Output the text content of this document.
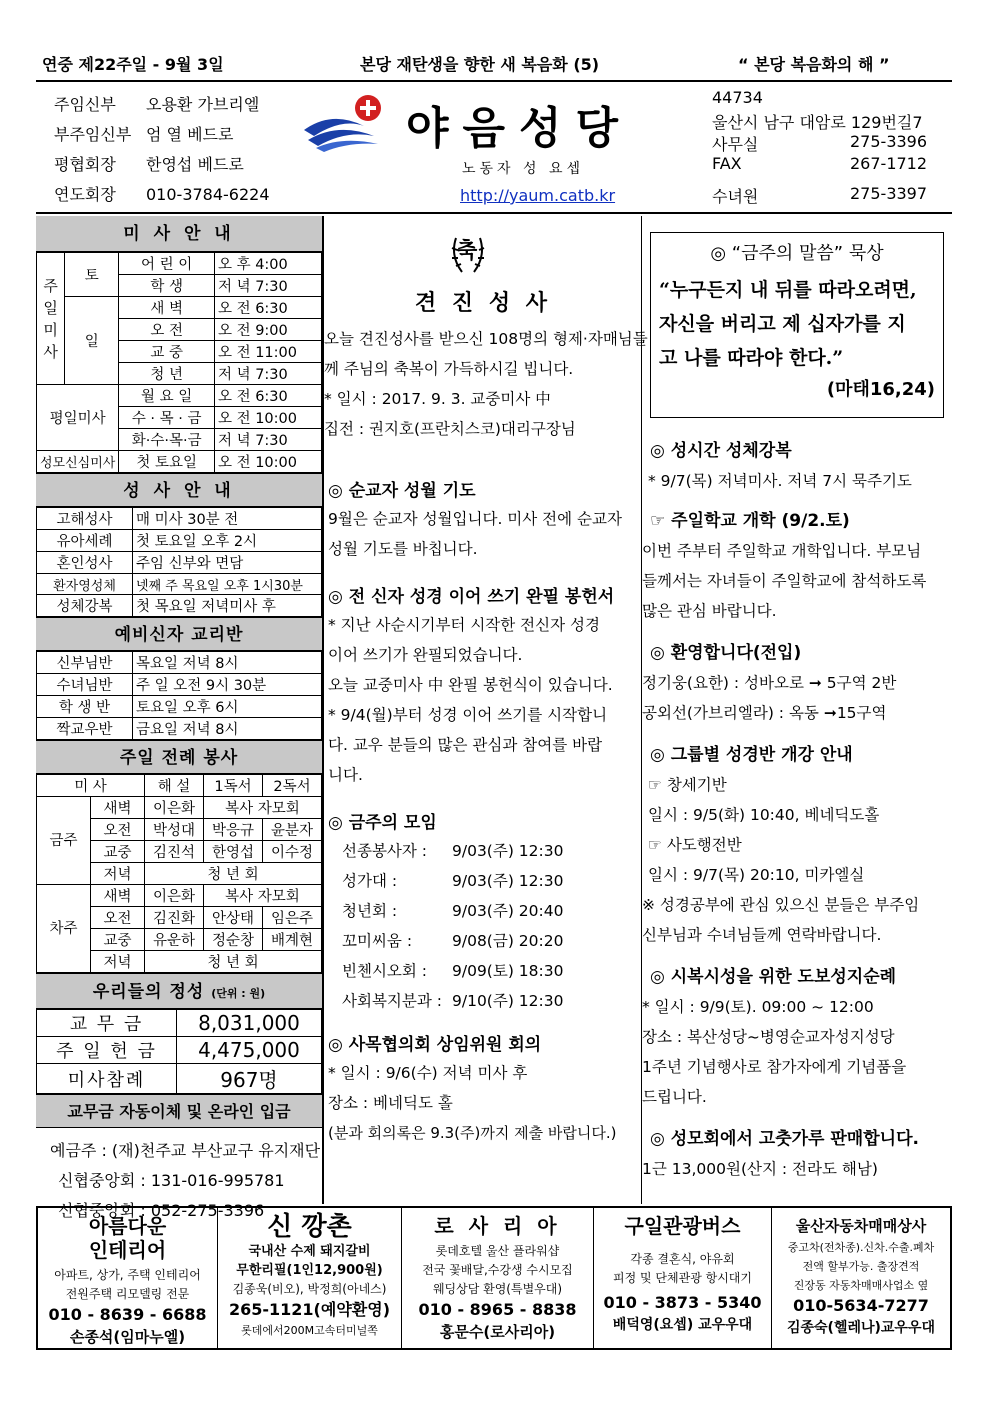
연중 제22주일 - 9월 3일	본당 재탄생을 향한 새 복음화 (5)	“ 본당 복음화의 해 ”
주임신부 오용환 가브리엘
부주임신부 엄 열 베드로
평협회장 한영섭 베드로
연도회장 010-3784-6224
야음성당
노동자 성 요셉
http://yaum.catb.kr
44734
울산시 남구 대암로 129번길7
사무실	275-3396
FAX	267-1712
수녀원	275-3397
미 사 안 내
주일미사	토	어 린 이	오 후 4:00
		학 생	저 녁 7:30
	일	새 벽	오 전 6:30
		오 전	오 전 9:00
		교 중	오 전 11:00
		청 년	저 녁 7:30
평일미사		월 요 일	오 전 6:30
		수 · 목 · 금	오 전 10:00
		화·수·목·금	저 녁 7:30
성모신심미사		첫 토요일	오 전 10:00
성 사 안 내
고해성사	매 미사 30분 전
유아세례	첫 토요일 오후 2시
혼인성사	주임 신부와 면담
환자영성체	넷째 주 목요일 오후 1시30분
성체강복	첫 목요일 저녁미사 후
예비신자 교리반
신부님반	목요일 저녁 8시
수녀님반	주 일 오전 9시 30분
학 생 반	토요일 오후 6시
짝교우반	금요일 저녁 8시
주일 전례 봉사
미 사		해 설	1독서	2독서
금주	새벽	이은화	복사 자모회	
	오전	박성대	박응규	윤분자
	교중	김진석	한영섭	이수정
	저녁	청 년 회		
차주	새벽	이은화	복사 자모회	
	오전	김진화	안상태	임은주
	교중	유운하	정순창	배계현
	저녁	청 년 회		
우리들의 정성 (단위 : 원)
교 무 금	8,031,000
주 일 헌 금	4,475,000
미사참례	967명
교무금 자동이체 및 온라인 입금
예금주 : (재)천주교 부산교구 유지재단
신협중앙회 : 131-016-995781
신협중앙회 : 052-275-3396
축
견 진 성 사
오늘 견진성사를 받으신 108명의 형제·자매님들
께 주님의 축복이 가득하시길 빕니다.
* 일시 : 2017. 9. 3. 교중미사 中
집전 : 권지호(프란치스코)대리구장님
◎ 순교자 성월 기도
9월은 순교자 성월입니다. 미사 전에 순교자
성월 기도를 바칩니다.
◎ 전 신자 성경 이어 쓰기 완필 봉헌서
* 지난 사순시기부터 시작한 전신자 성경
이어 쓰기가 완필되었습니다.
오늘 교중미사 中 완필 봉헌식이 있습니다.
* 9/4(월)부터 성경 이어 쓰기를 시작합니
다. 교우 분들의 많은 관심과 참여를 바랍
니다.
◎ 금주의 모임
선종봉사자 : 9/03(주) 12:30
성가대 :	9/03(주) 12:30
청년회 :	9/03(주) 20:40
꼬미씨움 :	9/08(금) 20:20
빈첸시오회 : 9/09(토) 18:30
사회복지분과 : 9/10(주) 12:30
◎ 사목협의회 상임위원 회의
* 일시 : 9/6(수) 저녁 미사 후
장소 : 베네딕도 홀
(분과 회의록은 9.3(주)까지 제출 바랍니다.)
◎ “금주의 말씀” 묵상
“누구든지 내 뒤를 따라오려면,
자신을 버리고 제 십자가를 지
고 나를 따라야 한다.”
(마태16,24)
◎ 성시간 성체강복
* 9/7(목) 저녁미사. 저녁 7시 묵주기도
☞ 주일학교 개학 (9/2.토)
이번 주부터 주일학교 개학입니다. 부모님
들께서는 자녀들이 주일학교에 참석하도록
많은 관심 바랍니다.
◎ 환영합니다(전입)
정기웅(요한) : 성바오로 ➞ 5구역 2반
공외선(가브리엘라) : 옥동 ➞15구역
◎ 그룹별 성경반 개강 안내
☞ 창세기반
일시 : 9/5(화) 10:40, 베네딕도홀
☞ 사도행전반
일시 : 9/7(목) 20:10, 미카엘실
※ 성경공부에 관심 있으신 분들은 부주임
신부님과 수녀님들께 연락바랍니다.
◎ 시복시성을 위한 도보성지순례
* 일시 : 9/9(토). 09:00 ~ 12:00
장소 : 복산성당~병영순교자성지성당
1주년 기념행사로 참가자에게 기념품을
드립니다.
◎ 성모회에서 고춧가루 판매합니다.
1근 13,000원(산지 : 전라도 해남)
아름다운
인테리어
아파트, 상가, 주택 인테리어
전원주택 리모델링 전문
010 - 8639 - 6688
손종석(임마누엘)
신 깡촌
국내산 수제 돼지갈비
무한리필(1인12,900원)
김종욱(비오), 박정희(아네스)
265-1121(예약환영)
롯데에서200M고속터미널쪽
로 사 리 아
롯데호텔 울산 플라워샵
전국 꽃배달,수강생 수시모집
웨딩상담 환영(특별우대)
010 - 8965 - 8838
홍문수(로사리아)
구일관광버스
각종 결혼식, 야유회
피정 및 단체관광 항시대기
010 - 3873 - 5340
배덕영(요셉) 교우우대
울산자동차매매상사
중고차(전차종).신차.수출.폐차
전액 할부가능. 출장견적
진장동 자동차매매사업소 옆
010-5634-7277
김종숙(헬레나)교우우대
